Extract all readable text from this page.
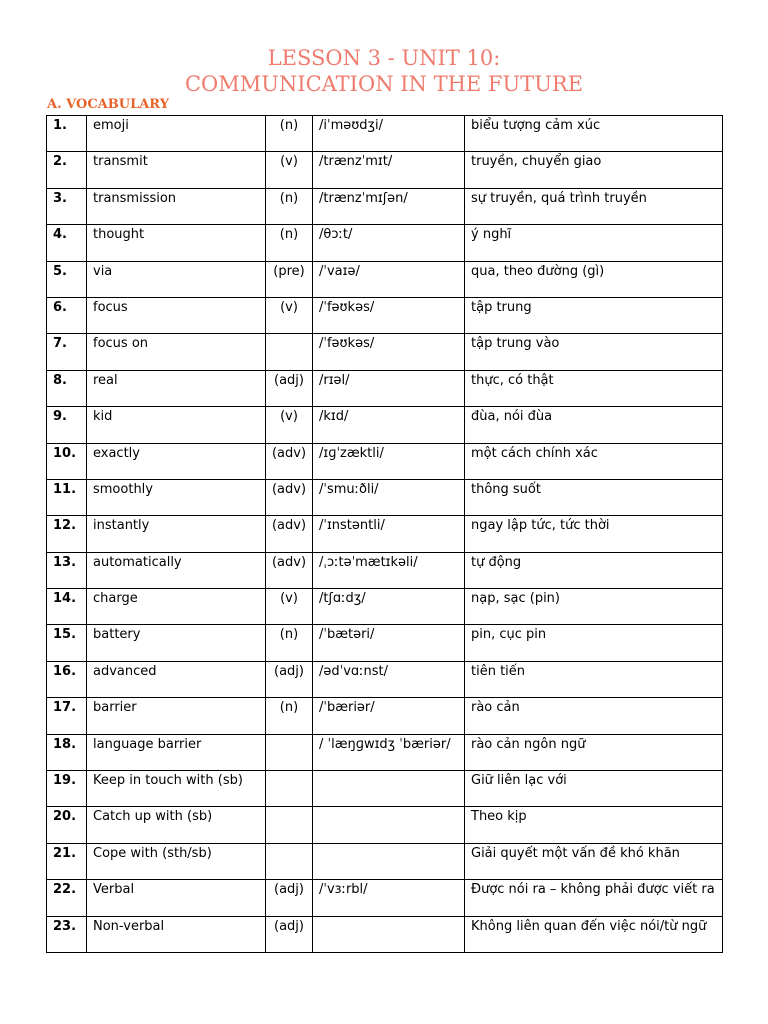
LESSON 3 - UNIT 10:
COMMUNICATION IN THE FUTURE
A. VOCABULARY
1.	emoji	(n)	/iˈməʊdʒi/	biểu tượng cảm xúc
2.	transmit	(v)	/trænzˈmɪt/	truyền, chuyển giao
3.	transmission	(n)	/trænzˈmɪʃən/	sự truyền, quá trình truyền
4.	thought	(n)	/θɔːt/	ý nghĩ
5.	via	(pre)	/ˈvaɪə/	qua, theo đường (gì)
6.	focus	(v)	/ˈfəʊkəs/	tập trung
7.	focus on		/ˈfəʊkəs/	tập trung vào
8.	real	(adj)	/rɪəl/	thực, có thật
9.	kid	(v)	/kɪd/	đùa, nói đùa
10.	exactly	(adv)	/ɪɡˈzæktli/	một cách chính xác
11.	smoothly	(adv)	/ˈsmuːðli/	thông suốt
12.	instantly	(adv)	/ˈɪnstəntli/	ngay lập tức, tức thời
13.	automatically	(adv)	/ˌɔːtəˈmætɪkəli/	tự động
14.	charge	(v)	/tʃɑːdʒ/	nạp, sạc (pin)
15.	battery	(n)	/ˈbætəri/	pin, cục pin
16.	advanced	(adj)	/ədˈvɑːnst/	tiên tiến
17.	barrier	(n)	/ˈbæriər/	rào cản
18.	language barrier		/ ˈlæŋɡwɪdʒ ˈbæriər/	rào cản ngôn ngữ
19.	Keep in touch with (sb)			Giữ liên lạc với
20.	Catch up with (sb)			Theo kịp
21.	Cope with (sth/sb)			Giải quyết một vấn đề khó khăn
22.	Verbal	(adj)	/ˈvɜːrbl/	Được nói ra – không phải được viết ra
23.	Non-verbal	(adj)		Không liên quan đến việc nói/từ ngữ
